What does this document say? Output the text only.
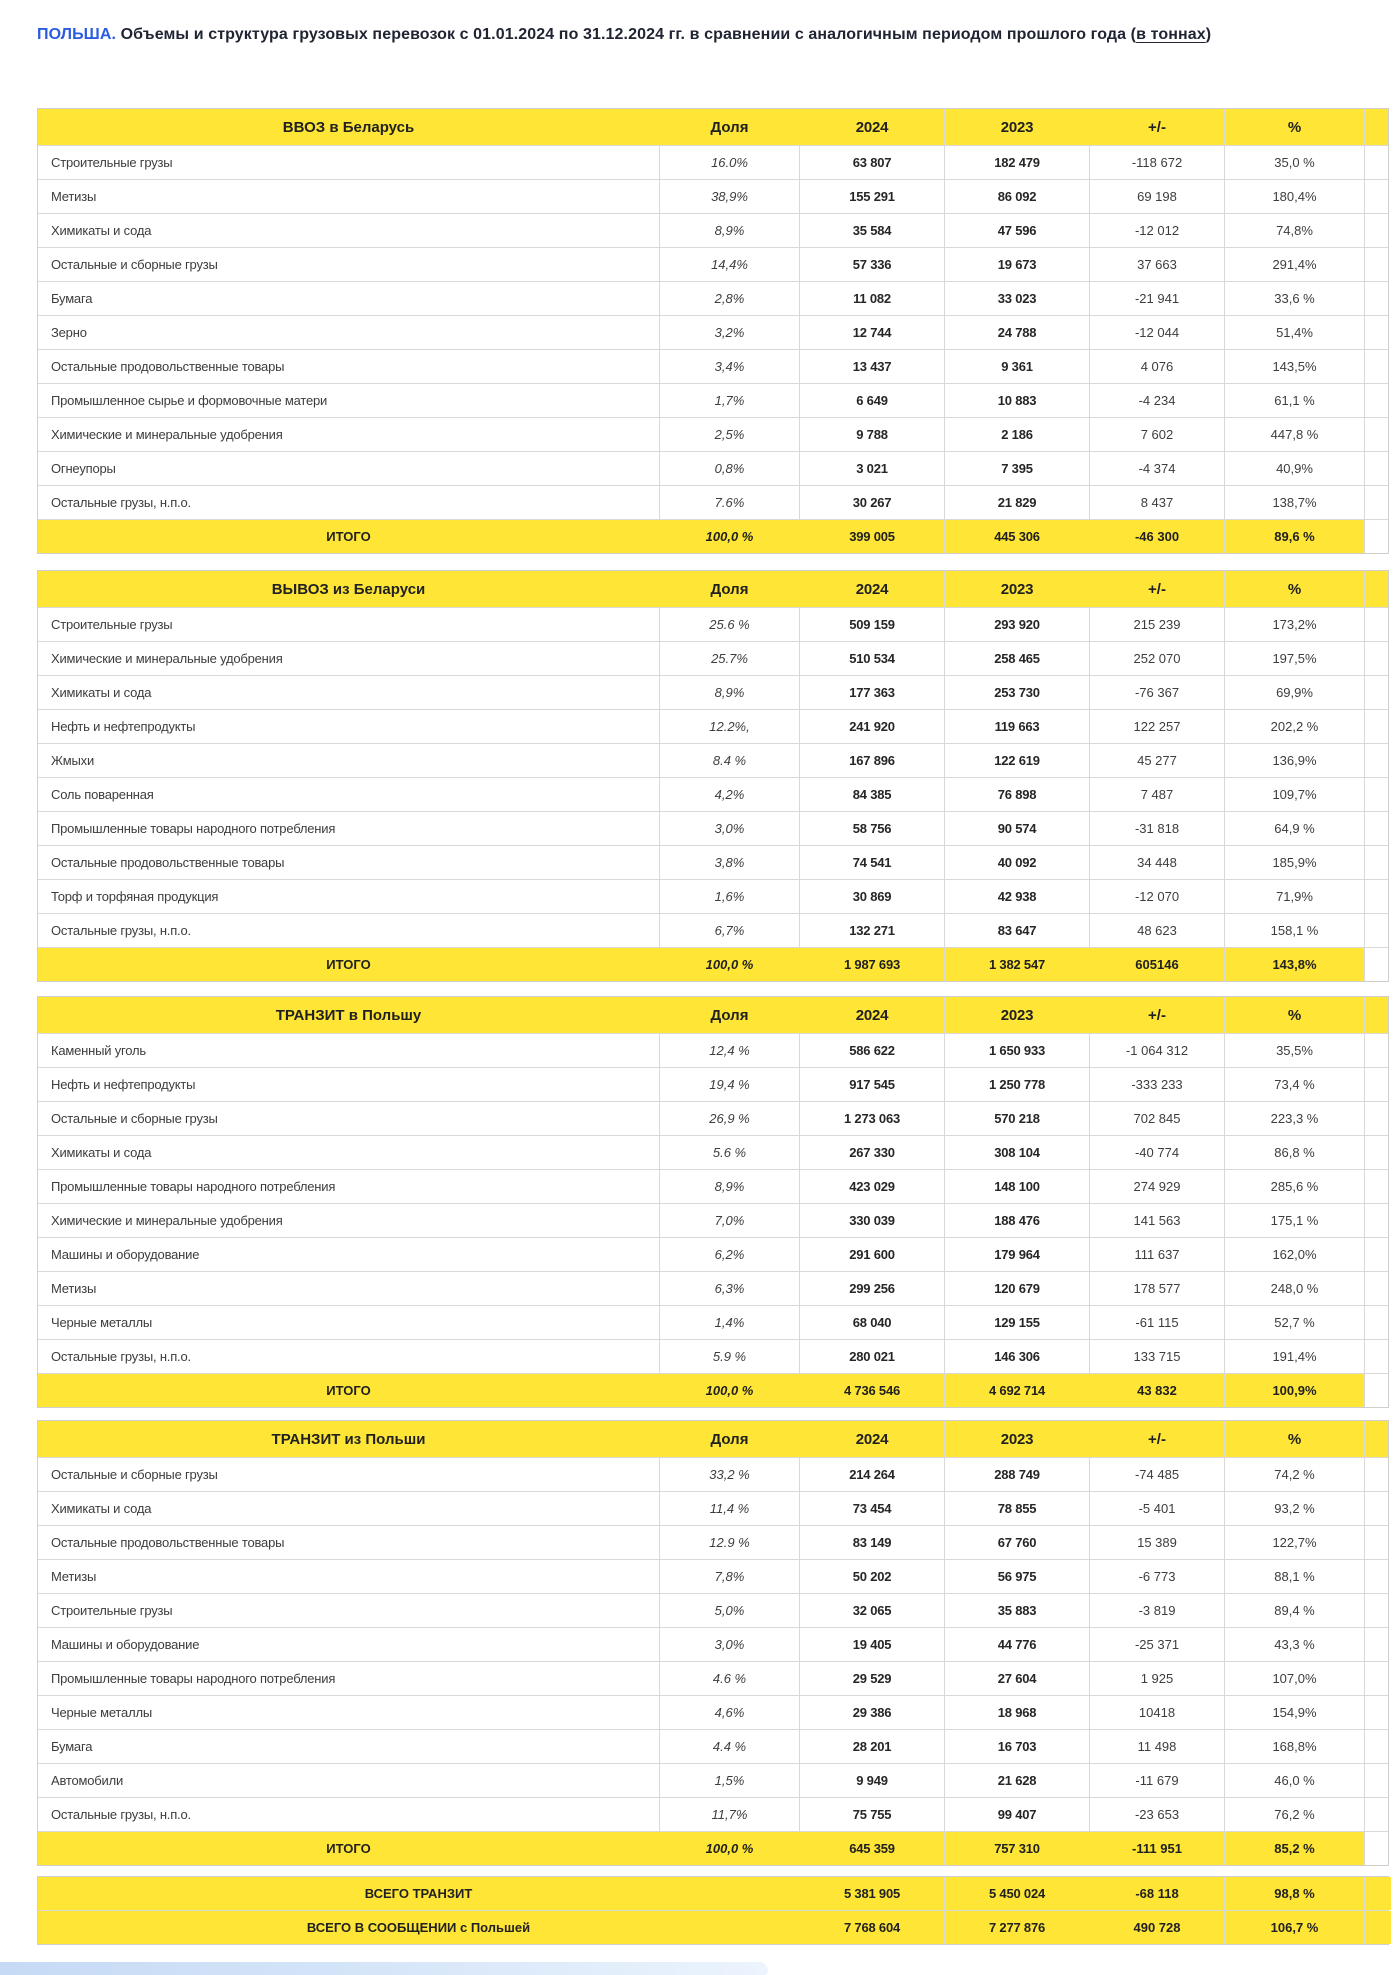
ПОЛЬША. Объемы и структура грузовых перевозок с 01.01.2024 по 31.12.2024 гг. в сравнении с аналогичным периодом прошлого года (в тоннах)
ВВОЗ в Беларусь	Доля	2024	2023	+/-	%
Строительные грузы	16.0%	63 807	182 479	-118 672	35,0 %
Метизы	38,9%	155 291	86 092	69 198	180,4%
Химикаты и сода	8,9%	35 584	47 596	-12 012	74,8%
Остальные и сборные грузы	14,4%	57 336	19 673	37 663	291,4%
Бумага	2,8%	11 082	33 023	-21 941	33,6 %
Зерно	3,2%	12 744	24 788	-12 044	51,4%
Остальные продовольственные товары	3,4%	13 437	9 361	4 076	143,5%
Промышленное сырье и формовочные матери	1,7%	6 649	10 883	-4 234	61,1 %
Химические и минеральные удобрения	2,5%	9 788	2 186	7 602	447,8 %
Огнеупоры	0,8%	3 021	7 395	-4 374	40,9%
Остальные грузы, н.п.о.	7.6%	30 267	21 829	8 437	138,7%
ИТОГО	100,0 %	399 005	445 306	-46 300	89,6 %
ВЫВОЗ из Беларуси	Доля	2024	2023	+/-	%
Строительные грузы	25.6 %	509 159	293 920	215 239	173,2%
Химические и минеральные удобрения	25.7%	510 534	258 465	252 070	197,5%
Химикаты и сода	8,9%	177 363	253 730	-76 367	69,9%
Нефть и нефтепродукты	12.2%,	241 920	119 663	122 257	202,2 %
Жмыхи	8.4 %	167 896	122 619	45 277	136,9%
Соль поваренная	4,2%	84 385	76 898	7 487	109,7%
Промышленные товары народного потребления	3,0%	58 756	90 574	-31 818	64,9 %
Остальные продовольственные товары	3,8%	74 541	40 092	34 448	185,9%
Торф и торфяная продукция	1,6%	30 869	42 938	-12 070	71,9%
Остальные грузы, н.п.о.	6,7%	132 271	83 647	48 623	158,1 %
ИТОГО	100,0 %	1 987 693	1 382 547	605146	143,8%
ТРАНЗИТ в Польшу	Доля	2024	2023	+/-	%
Каменный уголь	12,4 %	586 622	1 650 933	-1 064 312	35,5%
Нефть и нефтепродукты	19,4 %	917 545	1 250 778	-333 233	73,4 %
Остальные и сборные грузы	26,9 %	1 273 063	570 218	702 845	223,3 %
Химикаты и сода	5.6 %	267 330	308 104	-40 774	86,8 %
Промышленные товары народного потребления	8,9%	423 029	148 100	274 929	285,6 %
Химические и минеральные удобрения	7,0%	330 039	188 476	141 563	175,1 %
Машины и оборудование	6,2%	291 600	179 964	111 637	162,0%
Метизы	6,3%	299 256	120 679	178 577	248,0 %
Черные металлы	1,4%	68 040	129 155	-61 115	52,7 %
Остальные грузы, н.п.о.	5.9 %	280 021	146 306	133 715	191,4%
ИТОГО	100,0 %	4 736 546	4 692 714	43 832	100,9%
ТРАНЗИТ из Польши	Доля	2024	2023	+/-	%
Остальные и сборные грузы	33,2 %	214 264	288 749	-74 485	74,2 %
Химикаты и сода	11,4 %	73 454	78 855	-5 401	93,2 %
Остальные продовольственные товары	12.9 %	83 149	67 760	15 389	122,7%
Метизы	7,8%	50 202	56 975	-6 773	88,1 %
Строительные грузы	5,0%	32 065	35 883	-3 819	89,4 %
Машины и оборудование	3,0%	19 405	44 776	-25 371	43,3 %
Промышленные товары народного потребления	4.6 %	29 529	27 604	1 925	107,0%
Черные металлы	4,6%	29 386	18 968	10418	154,9%
Бумага	4.4 %	28 201	16 703	11 498	168,8%
Автомобили	1,5%	9 949	21 628	-11 679	46,0 %
Остальные грузы, н.п.о.	11,7%	75 755	99 407	-23 653	76,2 %
ИТОГО	100,0 %	645 359	757 310	-111 951	85,2 %
ВСЕГО ТРАНЗИТ	5 381 905	5 450 024	-68 118	98,8 %
ВСЕГО В СООБЩЕНИИ с Польшей	7 768 604	7 277 876	490 728	106,7 %
